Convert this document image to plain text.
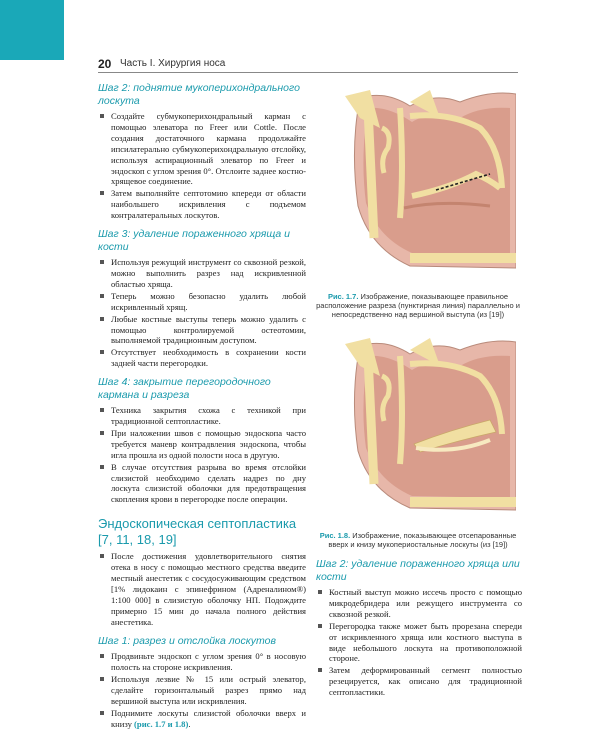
20 Часть I. Хирургия носа
Шаг 2: поднятие мукоперихондрального лоскута
Создайте субмукоперихондральный карман с помощью элеватора по Freer или Cottle. После создания достаточного кармана продолжайте ипсилатерально субмукоперихондральную отслойку, используя аспирационный элеватор по Freer и эндоскоп с углом зрения 0°. Отслоите заднее костно-хрящевое соединение.
Затем выполняйте септотомию кпереди от области наибольшего искривления с подъемом контралатеральных лоскутов.
Шаг 3: удаление пораженного хряща и кости
Используя режущий инструмент со сквозной резкой, можно выполнить разрез над искривленной областью хряща.
Теперь можно безопасно удалить любой искривленный хрящ.
Любые костные выступы теперь можно удалить с помощью контролируемой остеотомии, выполняемой традиционным доступом.
Отсутствует необходимость в сохранении кости задней части перегородки.
Шаг 4: закрытие перегородочного кармана и разреза
Техника закрытия схожа с техникой при традиционной септопластике.
При наложении швов с помощью эндоскопа часто требуется маневр контрадвления эндоскопа, чтобы игла прошла из одной полости носа в другую.
В случае отсутствия разрыва во время отслойки слизистой необходимо сделать надрез по дну лоскута слизистой оболочки для предотвращения скопления крови в перегородке после операции.
Эндоскопическая септопластика [7, 11, 18, 19]
После достижения удовлетворительного снятия отека в носу с помощью местного средства введите местный анестетик с сосудосуживающим средством [1% лидокаин с эпинефрином (Адреналином®) 1:100 000] в слизистую оболочку НП. Подождите примерно 15 мин до начала полного действия анестетика.
Шаг 1: разрез и отслойка лоскутов
Продвиньте эндоскоп с углом зрения 0° в носовую полость на стороне искривления.
Используя лезвие № 15 или острый элеватор, сделайте горизонтальный разрез прямо над вершиной выступа или искривления.
Поднимите лоскуты слизистой оболочки вверх и книзу (рис. 1.7 и 1.8).
Рис. 1.7. Изображение, показывающее правильное расположение разреза (пунктирная линия) параллельно и непосредственно над вершиной выступа (из [19])
Рис. 1.8. Изображение, показывающее отсепарованные вверх и книзу мукопериостальные лоскуты (из [19])
Шаг 2: удаление пораженного хряща или кости
Костный выступ можно иссечь просто с помощью микродебридера или режущего инструмента со сквозной резкой.
Перегородка также может быть прорезана спереди от искривленного хряща или костного выступа в виде небольшого лоскута на противоположной стороне.
Затем деформированный сегмент полностью резецируется, как описано для традиционной септопластики.
